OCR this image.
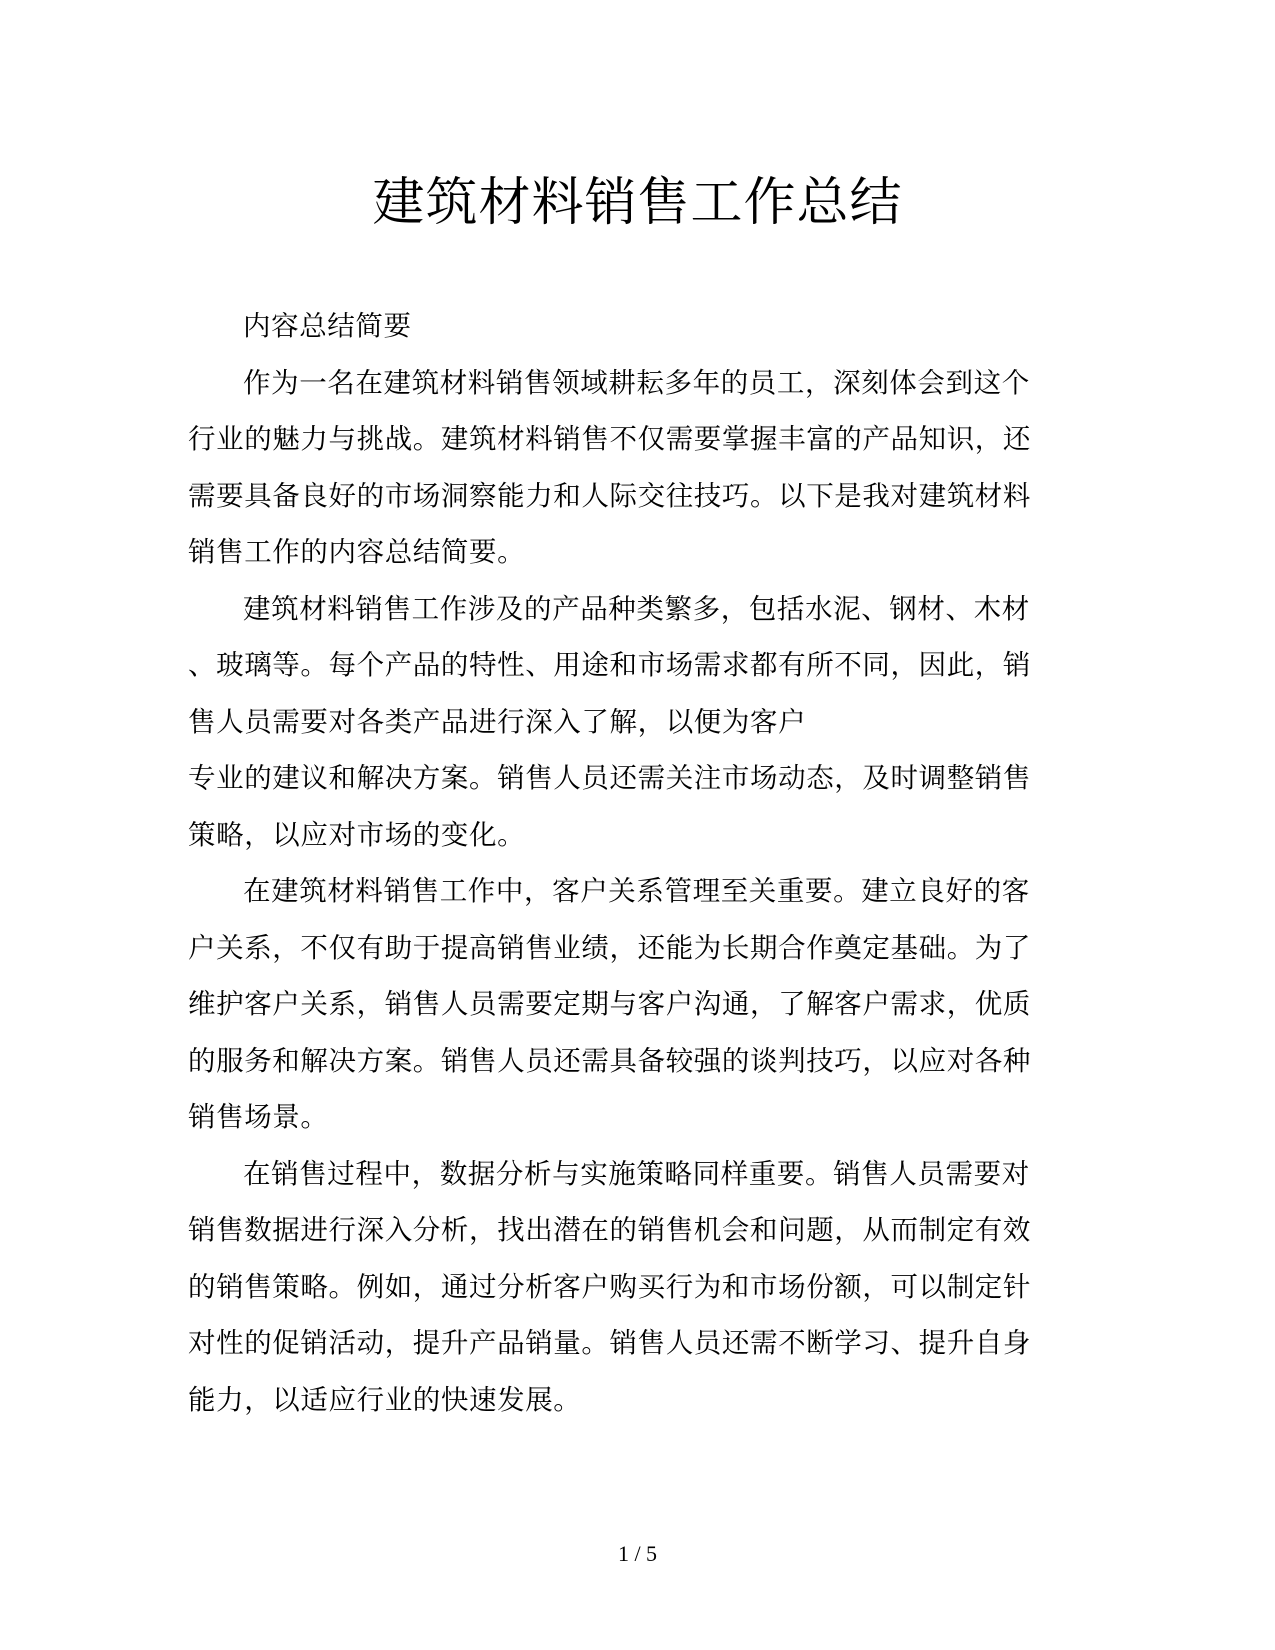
建筑材料销售工作总结

内容总结简要

作为一名在建筑材料销售领域耕耘多年的员工，深刻体会到这个
行业的魅力与挑战。建筑材料销售不仅需要掌握丰富的产品知识，还
需要具备良好的市场洞察能力和人际交往技巧。以下是我对建筑材料
销售工作的内容总结简要。

建筑材料销售工作涉及的产品种类繁多，包括水泥、钢材、木材
、玻璃等。每个产品的特性、用途和市场需求都有所不同，因此，销
售人员需要对各类产品进行深入了解，以便为客户
专业的建议和解决方案。销售人员还需关注市场动态，及时调整销售
策略，以应对市场的变化。

在建筑材料销售工作中，客户关系管理至关重要。建立良好的客
户关系，不仅有助于提高销售业绩，还能为长期合作奠定基础。为了
维护客户关系，销售人员需要定期与客户沟通，了解客户需求，优质
的服务和解决方案。销售人员还需具备较强的谈判技巧，以应对各种
销售场景。

在销售过程中，数据分析与实施策略同样重要。销售人员需要对
销售数据进行深入分析，找出潜在的销售机会和问题，从而制定有效
的销售策略。例如，通过分析客户购买行为和市场份额，可以制定针
对性的促销活动，提升产品销量。销售人员还需不断学习、提升自身
能力，以适应行业的快速发展。

1 / 5
